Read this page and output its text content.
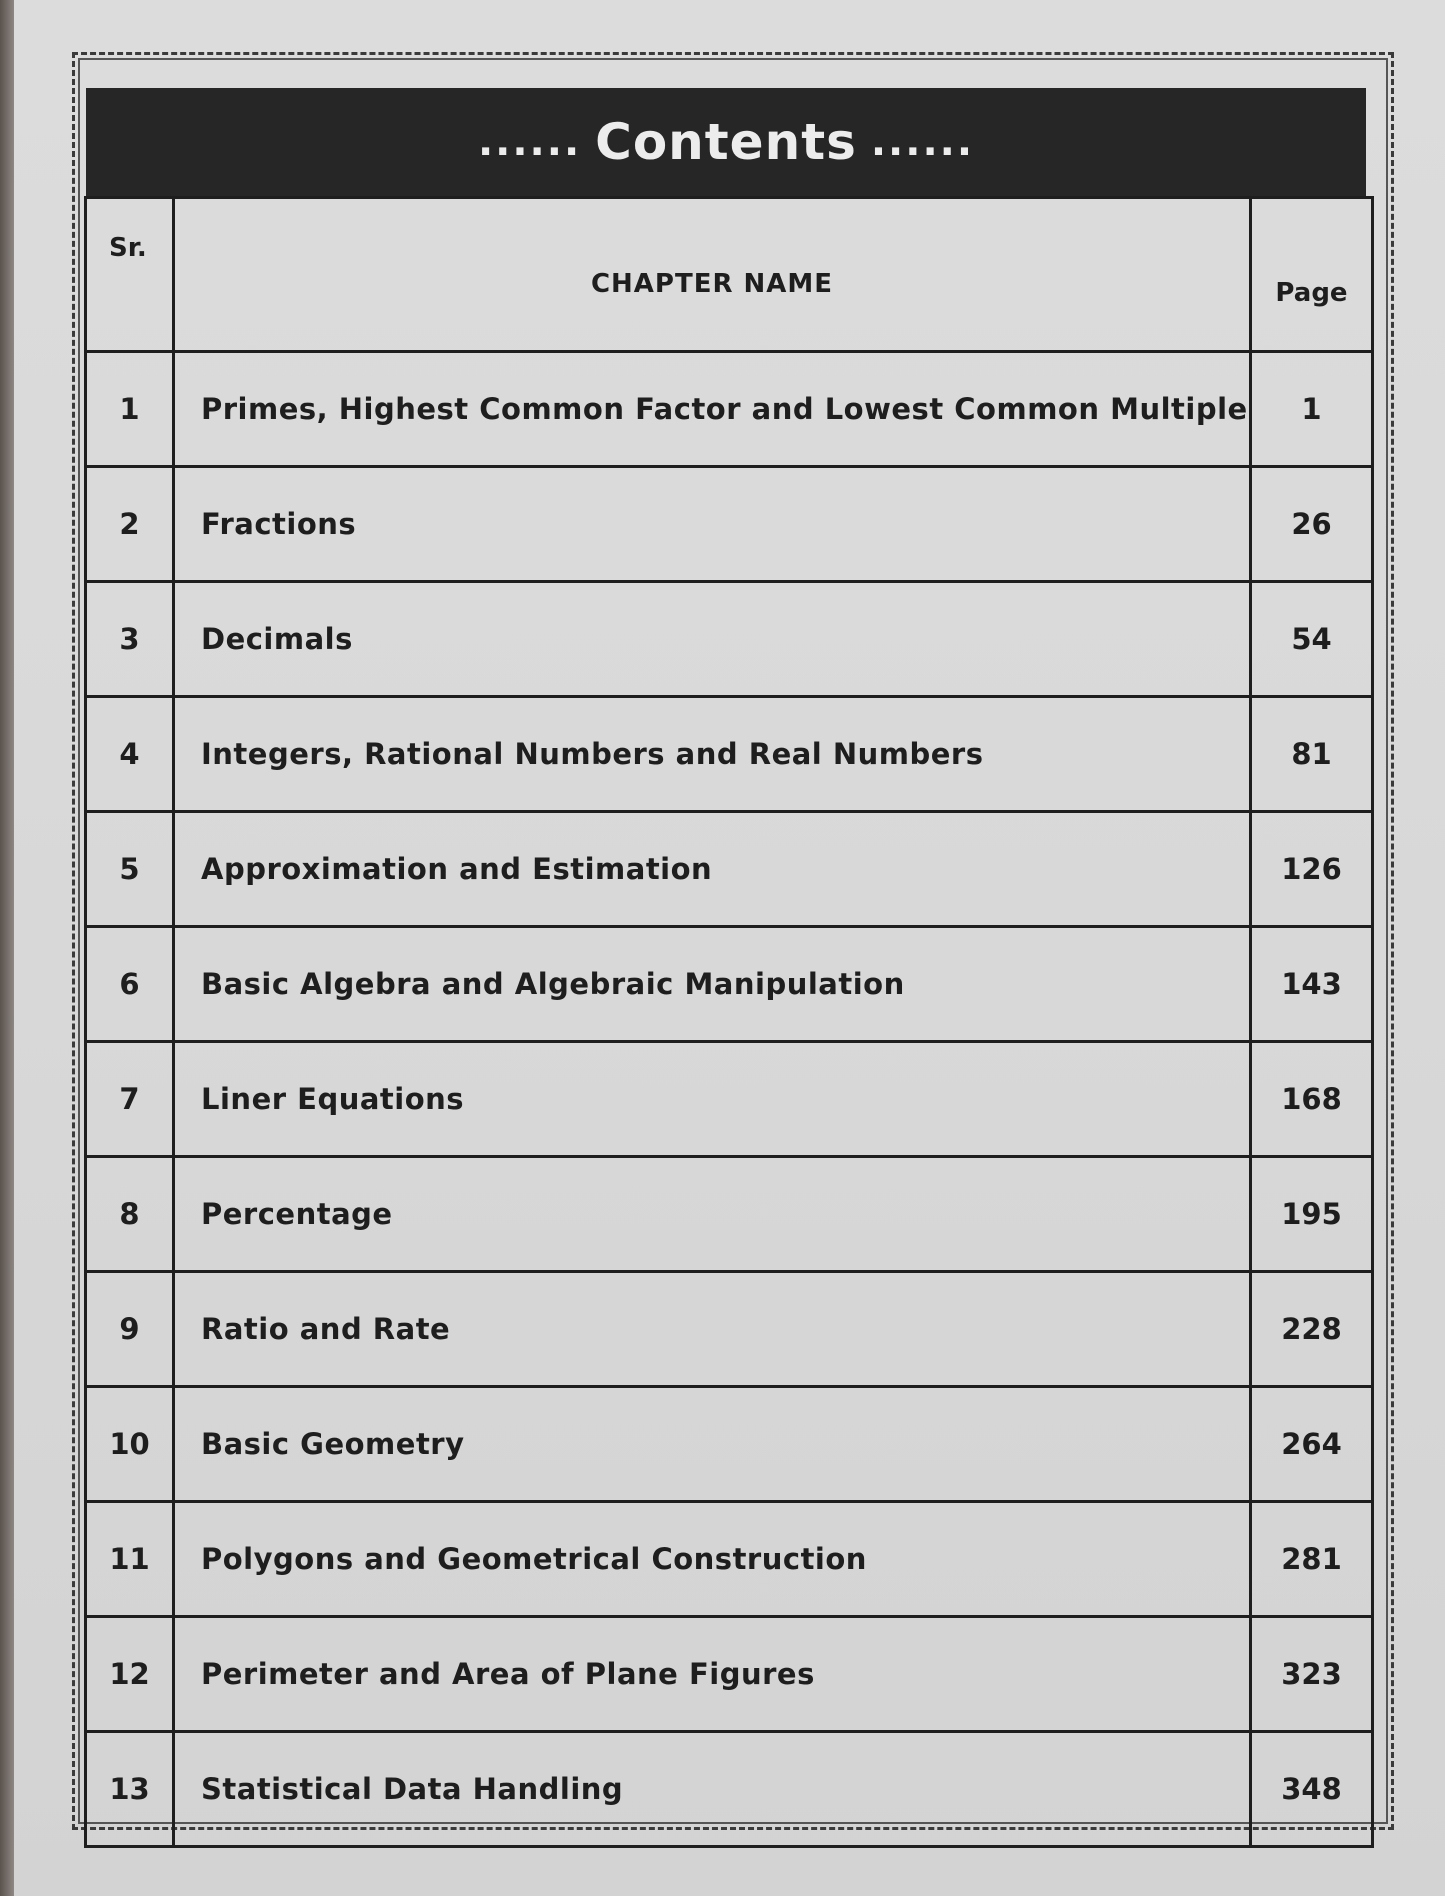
...... Contents ......
Sr.	CHAPTER NAME	Page
1	Primes, Highest Common Factor and Lowest Common Multiple	1
2	Fractions	26
3	Decimals	54
4	Integers, Rational Numbers and Real Numbers	81
5	Approximation and Estimation	126
6	Basic Algebra and Algebraic Manipulation	143
7	Liner Equations	168
8	Percentage	195
9	Ratio and Rate	228
10	Basic Geometry	264
11	Polygons and Geometrical Construction	281
12	Perimeter and Area of Plane Figures	323
13	Statistical Data Handling	348
